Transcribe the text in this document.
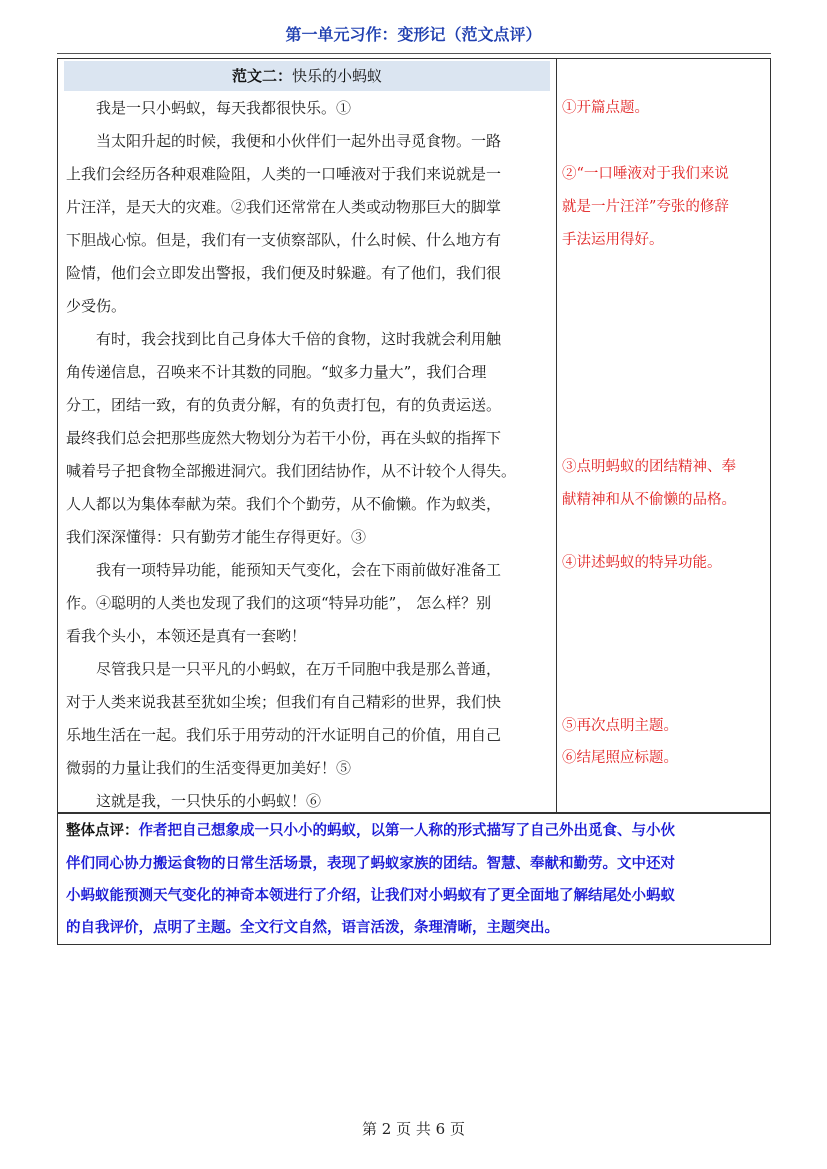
第一单元习作：变形记（范文点评）
范文二：快乐的小蚂蚁
　　我是一只小蚂蚁，每天我都很快乐。①
　　当太阳升起的时候，我便和小伙伴们一起外出寻觅食物。一路
上我们会经历各种艰难险阻，人类的一口唾液对于我们来说就是一
片汪洋，是天大的灾难。②我们还常常在人类或动物那巨大的脚掌
下胆战心惊。但是，我们有一支侦察部队，什么时候、什么地方有
险情，他们会立即发出警报，我们便及时躲避。有了他们，我们很
少受伤。
　　有时，我会找到比自己身体大千倍的食物，这时我就会利用触
角传递信息，召唤来不计其数的同胞。“蚁多力量大”，我们合理
分工，团结一致，有的负责分解，有的负责打包，有的负责运送。
最终我们总会把那些庞然大物划分为若干小份，再在头蚁的指挥下
喊着号子把食物全部搬进洞穴。我们团结协作，从不计较个人得失。
人人都以为集体奉献为荣。我们个个勤劳，从不偷懒。作为蚁类，
我们深深懂得：只有勤劳才能生存得更好。③
　　我有一项特异功能，能预知天气变化，会在下雨前做好准备工
作。④聪明的人类也发现了我们的这项“特异功能”， 怎么样？别
看我个头小，本领还是真有一套哟！
　　尽管我只是一只平凡的小蚂蚁，在万千同胞中我是那么普通，
对于人类来说我甚至犹如尘埃；但我们有自己精彩的世界，我们快
乐地生活在一起。我们乐于用劳动的汗水证明自己的价值，用自己
微弱的力量让我们的生活变得更加美好！⑤
　　这就是我，一只快乐的小蚂蚁！⑥
①开篇点题。
②“一口唾液对于我们来说
就是一片汪洋”夸张的修辞
手法运用得好。
③点明蚂蚁的团结精神、奉
献精神和从不偷懒的品格。
④讲述蚂蚁的特异功能。
⑤再次点明主题。
⑥结尾照应标题。
整体点评：作者把自己想象成一只小小的蚂蚁，以第一人称的形式描写了自己外出觅食、与小伙
伴们同心协力搬运食物的日常生活场景，表现了蚂蚁家族的团结。智慧、奉献和勤劳。文中还对
小蚂蚁能预测天气变化的神奇本领进行了介绍，让我们对小蚂蚁有了更全面地了解结尾处小蚂蚁
的自我评价，点明了主题。全文行文自然，语言活泼，条理清晰，主题突出。
第 2 页 共 6 页
